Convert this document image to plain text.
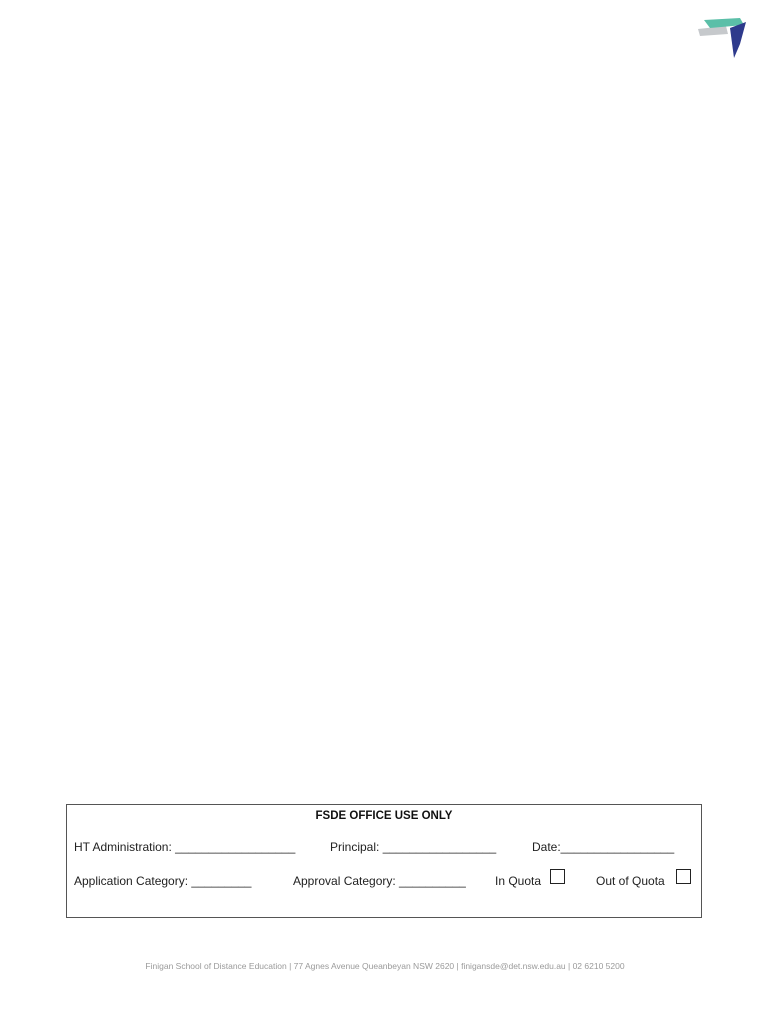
FSDE OFFICE USE ONLY
HT Administration: __________________	Principal: _________________	Date:_________________
Application Category: _________	Approval Category: __________ In Quota	Out of Quota
Finigan School of Distance Education | 77 Agnes Avenue Queanbeyan NSW 2620 | finigansde@det.nsw.edu.au | 02 6210 5200
